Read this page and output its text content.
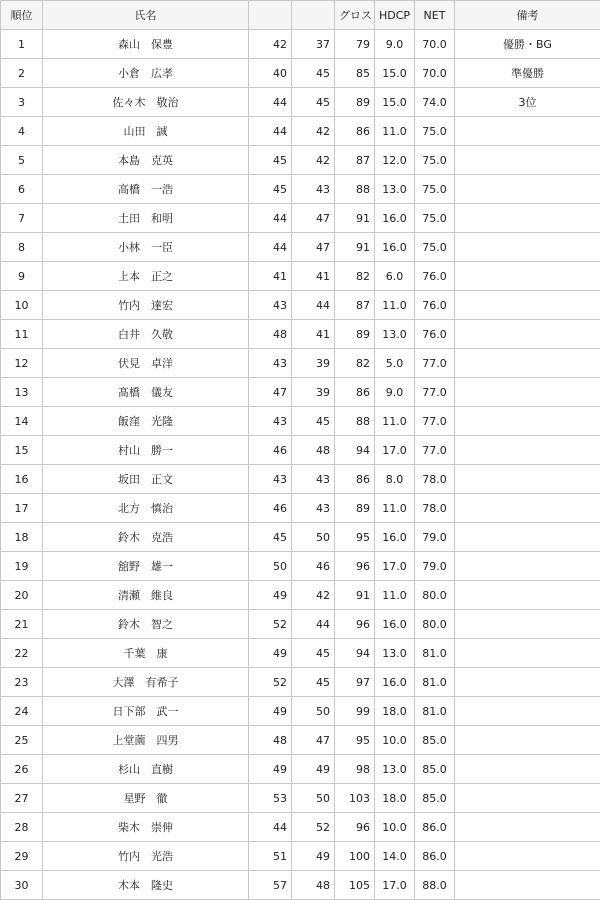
順位	氏名			グロス	HDCP	NET	備考
1	森山　保豊	42	37	79	9.0	70.0	優勝・BG
2	小倉　広孝	40	45	85	15.0	70.0	準優勝
3	佐々木　敬治	44	45	89	15.0	74.0	3位
4	山田　誠	44	42	86	11.0	75.0	
5	本島　克英	45	42	87	12.0	75.0	
6	高橋　一浩	45	43	88	13.0	75.0	
7	土田　和明	44	47	91	16.0	75.0	
8	小林　一臣	44	47	91	16.0	75.0	
9	上本　正之	41	41	82	6.0	76.0	
10	竹内　達宏	43	44	87	11.0	76.0	
11	白井　久敬	48	41	89	13.0	76.0	
12	伏見　卓洋	43	39	82	5.0	77.0	
13	髙橋　儀友	47	39	86	9.0	77.0	
14	飯窪　光隆	43	45	88	11.0	77.0	
15	村山　勝一	46	48	94	17.0	77.0	
16	坂田　正文	43	43	86	8.0	78.0	
17	北方　慎治	46	43	89	11.0	78.0	
18	鈴木　克浩	45	50	95	16.0	79.0	
19	舘野　雄一	50	46	96	17.0	79.0	
20	清瀬　維良	49	42	91	11.0	80.0	
21	鈴木　智之	52	44	96	16.0	80.0	
22	千葉　康	49	45	94	13.0	81.0	
23	大澤　有希子	52	45	97	16.0	81.0	
24	日下部　武一	49	50	99	18.0	81.0	
25	上堂薗　四男	48	47	95	10.0	85.0	
26	杉山　直樹	49	49	98	13.0	85.0	
27	星野　徹	53	50	103	18.0	85.0	
28	柴木　崇伸	44	52	96	10.0	86.0	
29	竹内　光浩	51	49	100	14.0	86.0	
30	木本　隆史	57	48	105	17.0	88.0	
